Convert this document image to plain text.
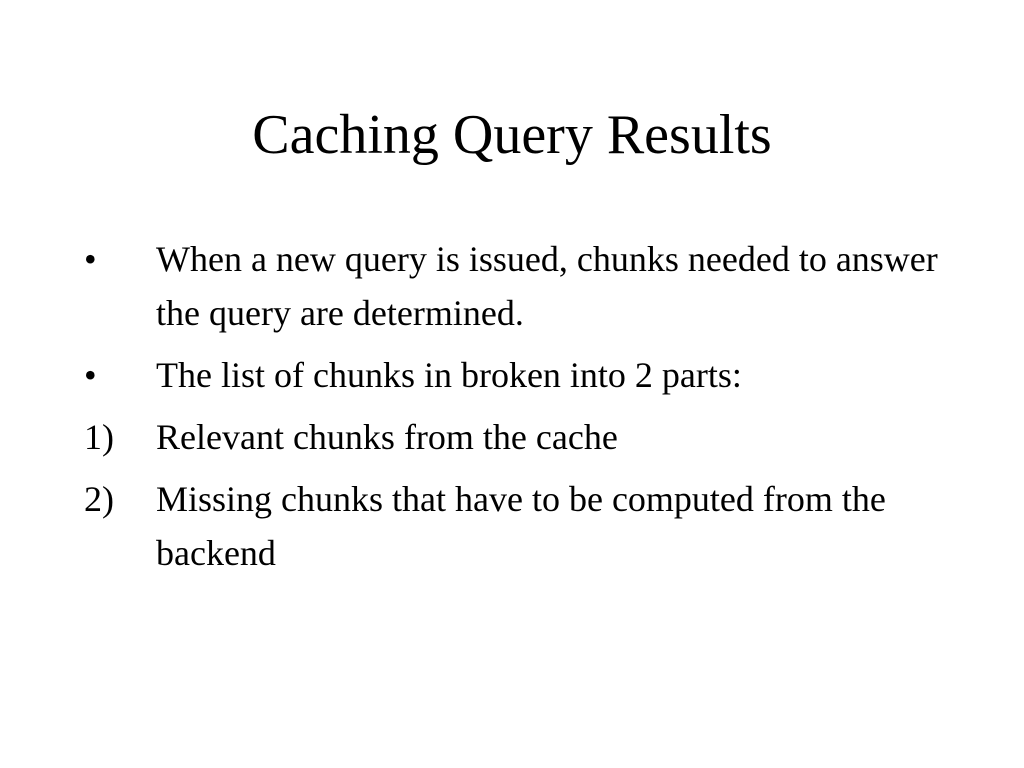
Caching Query Results
•	When a new query is issued, chunks needed to answer the query are determined.
•	The list of chunks in broken into 2 parts:
1)	Relevant chunks from the cache
2)	Missing chunks that have to be computed from the backend
